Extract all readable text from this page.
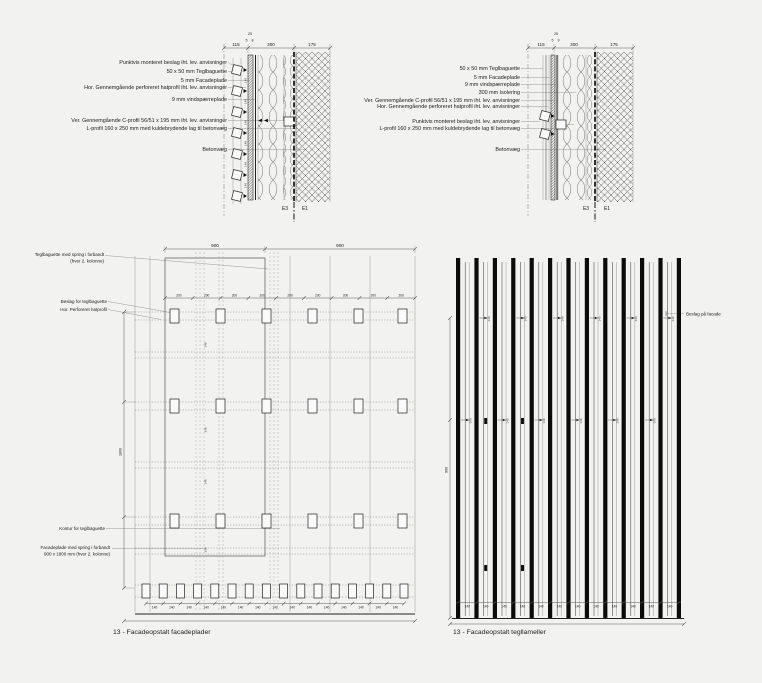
115	300	175
25
5 8
Punktvis monteret beslag iht. lev. anvisninger
50 x 50 mm Teglbaguette
5 mm Facadeplade
Hor. Gennemgående perforeret hatprofil iht. lev. anvisninger
9 mm vindspærreplade
Ver. Gennemgående C-profil 56/51 x 195 mm iht. lev. anvisninger
L-profil 160 x 250 mm med kuldebrydende lag til betonvæg
Betonvæg
E3	E1
148
148
148
148
148
148
115	300	175
25
5 9
50 x 50 mm Teglbaguette
5 mm Facadeplade
9 mm vindspærreplade
300 mm Isolering
Ver. Gennemgående C-profil 56/51 x 195 mm iht. lev. anvisninger
Hor. Gennemgående perforeret hatprofil iht. lev. anvisninger
Punktvis monteret beslag iht. lev. anvisninger
L-profil 160 x 250 mm med kuldebrydende lag til betonvæg
Betonvæg
E3	E1
Teglbaguette med spring i forbandt
(hver 2. kolonne)
Beslag for teglbaguette
Hor. Perforeret hatprofil
Kontur for teglbaguette
Facadeplade med spring i forbandt
900 x 1800 mm (hver 2. kolonne)
900	900
1800
13 - Facadeopstalt facadeplader
200	200	200	200	200	200	200	200	200
140	140	140	140	140	140	140	140	140	140	140	140	140	140	140
148
148
148
148
Beslag på facade
900
13 - Facadeopstalt tegllameller
140	140	140	140	140	140
140	140	140	140	140	140
140	140	140	140	140	140	140	140	140	140	140	140
